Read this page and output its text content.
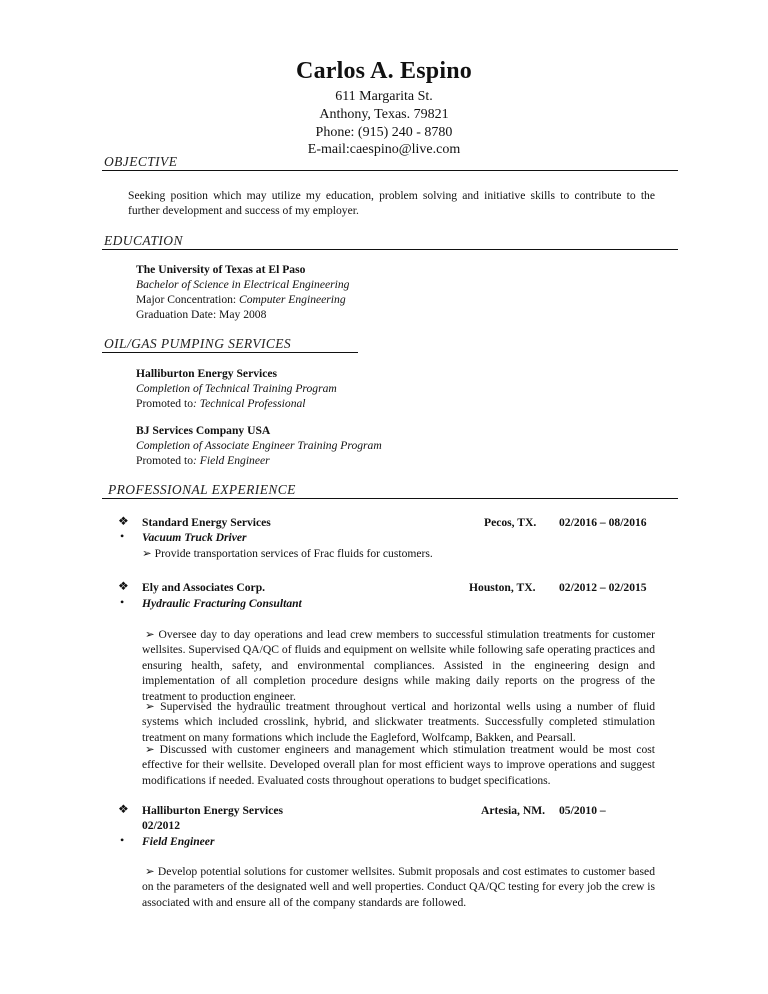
Carlos A. Espino
611 Margarita St.
Anthony, Texas. 79821
Phone: (915) 240 - 8780
E-mail:caespino@live.com
OBJECTIVE
Seeking position which may utilize my education, problem solving and initiative skills to contribute to the further development and success of my employer.
EDUCATION
The University of Texas at El Paso
Bachelor of Science in Electrical Engineering
Major Concentration: Computer Engineering
Graduation Date: May 2008
OIL/GAS PUMPING SERVICES
Halliburton Energy Services
Completion of Technical Training Program
Promoted to: Technical Professional
BJ Services Company USA
Completion of Associate Engineer Training Program
Promoted to: Field Engineer
PROFESSIONAL EXPERIENCE
❖ Standard Energy Services	Pecos, TX. 02/2016 – 08/2016
• Vacuum Truck Driver
➢ Provide transportation services of Frac fluids for customers.
❖ Ely and Associates Corp.	Houston, TX. 02/2012 – 02/2015
• Hydraulic Fracturing Consultant
➢ Oversee day to day operations and lead crew members to successful stimulation treatments for customer wellsites. Supervised QA/QC of fluids and equipment on wellsite while following safe operating practices and ensuring health, safety, and environmental compliances. Assisted in the engineering design and implementation of all completion procedure designs while making daily reports on the progress of the treatment to production engineer.
➢ Supervised the hydraulic treatment throughout vertical and horizontal wells using a number of fluid systems which included crosslink, hybrid, and slickwater treatments. Successfully completed stimulation treatment on many formations which include the Eagleford, Wolfcamp, Bakken, and Pearsall.
➢ Discussed with customer engineers and management which stimulation treatment would be most cost effective for their wellsite. Developed overall plan for most efficient ways to improve operations and suggest modifications if needed. Evaluated costs throughout operations to budget specifications.
❖ Halliburton Energy Services	Artesia, NM. 05/2010 –
02/2012
• Field Engineer
➢ Develop potential solutions for customer wellsites. Submit proposals and cost estimates to customer based on the parameters of the designated well and well properties. Conduct QA/QC testing for every job the crew is associated with and ensure all of the company standards are followed.
